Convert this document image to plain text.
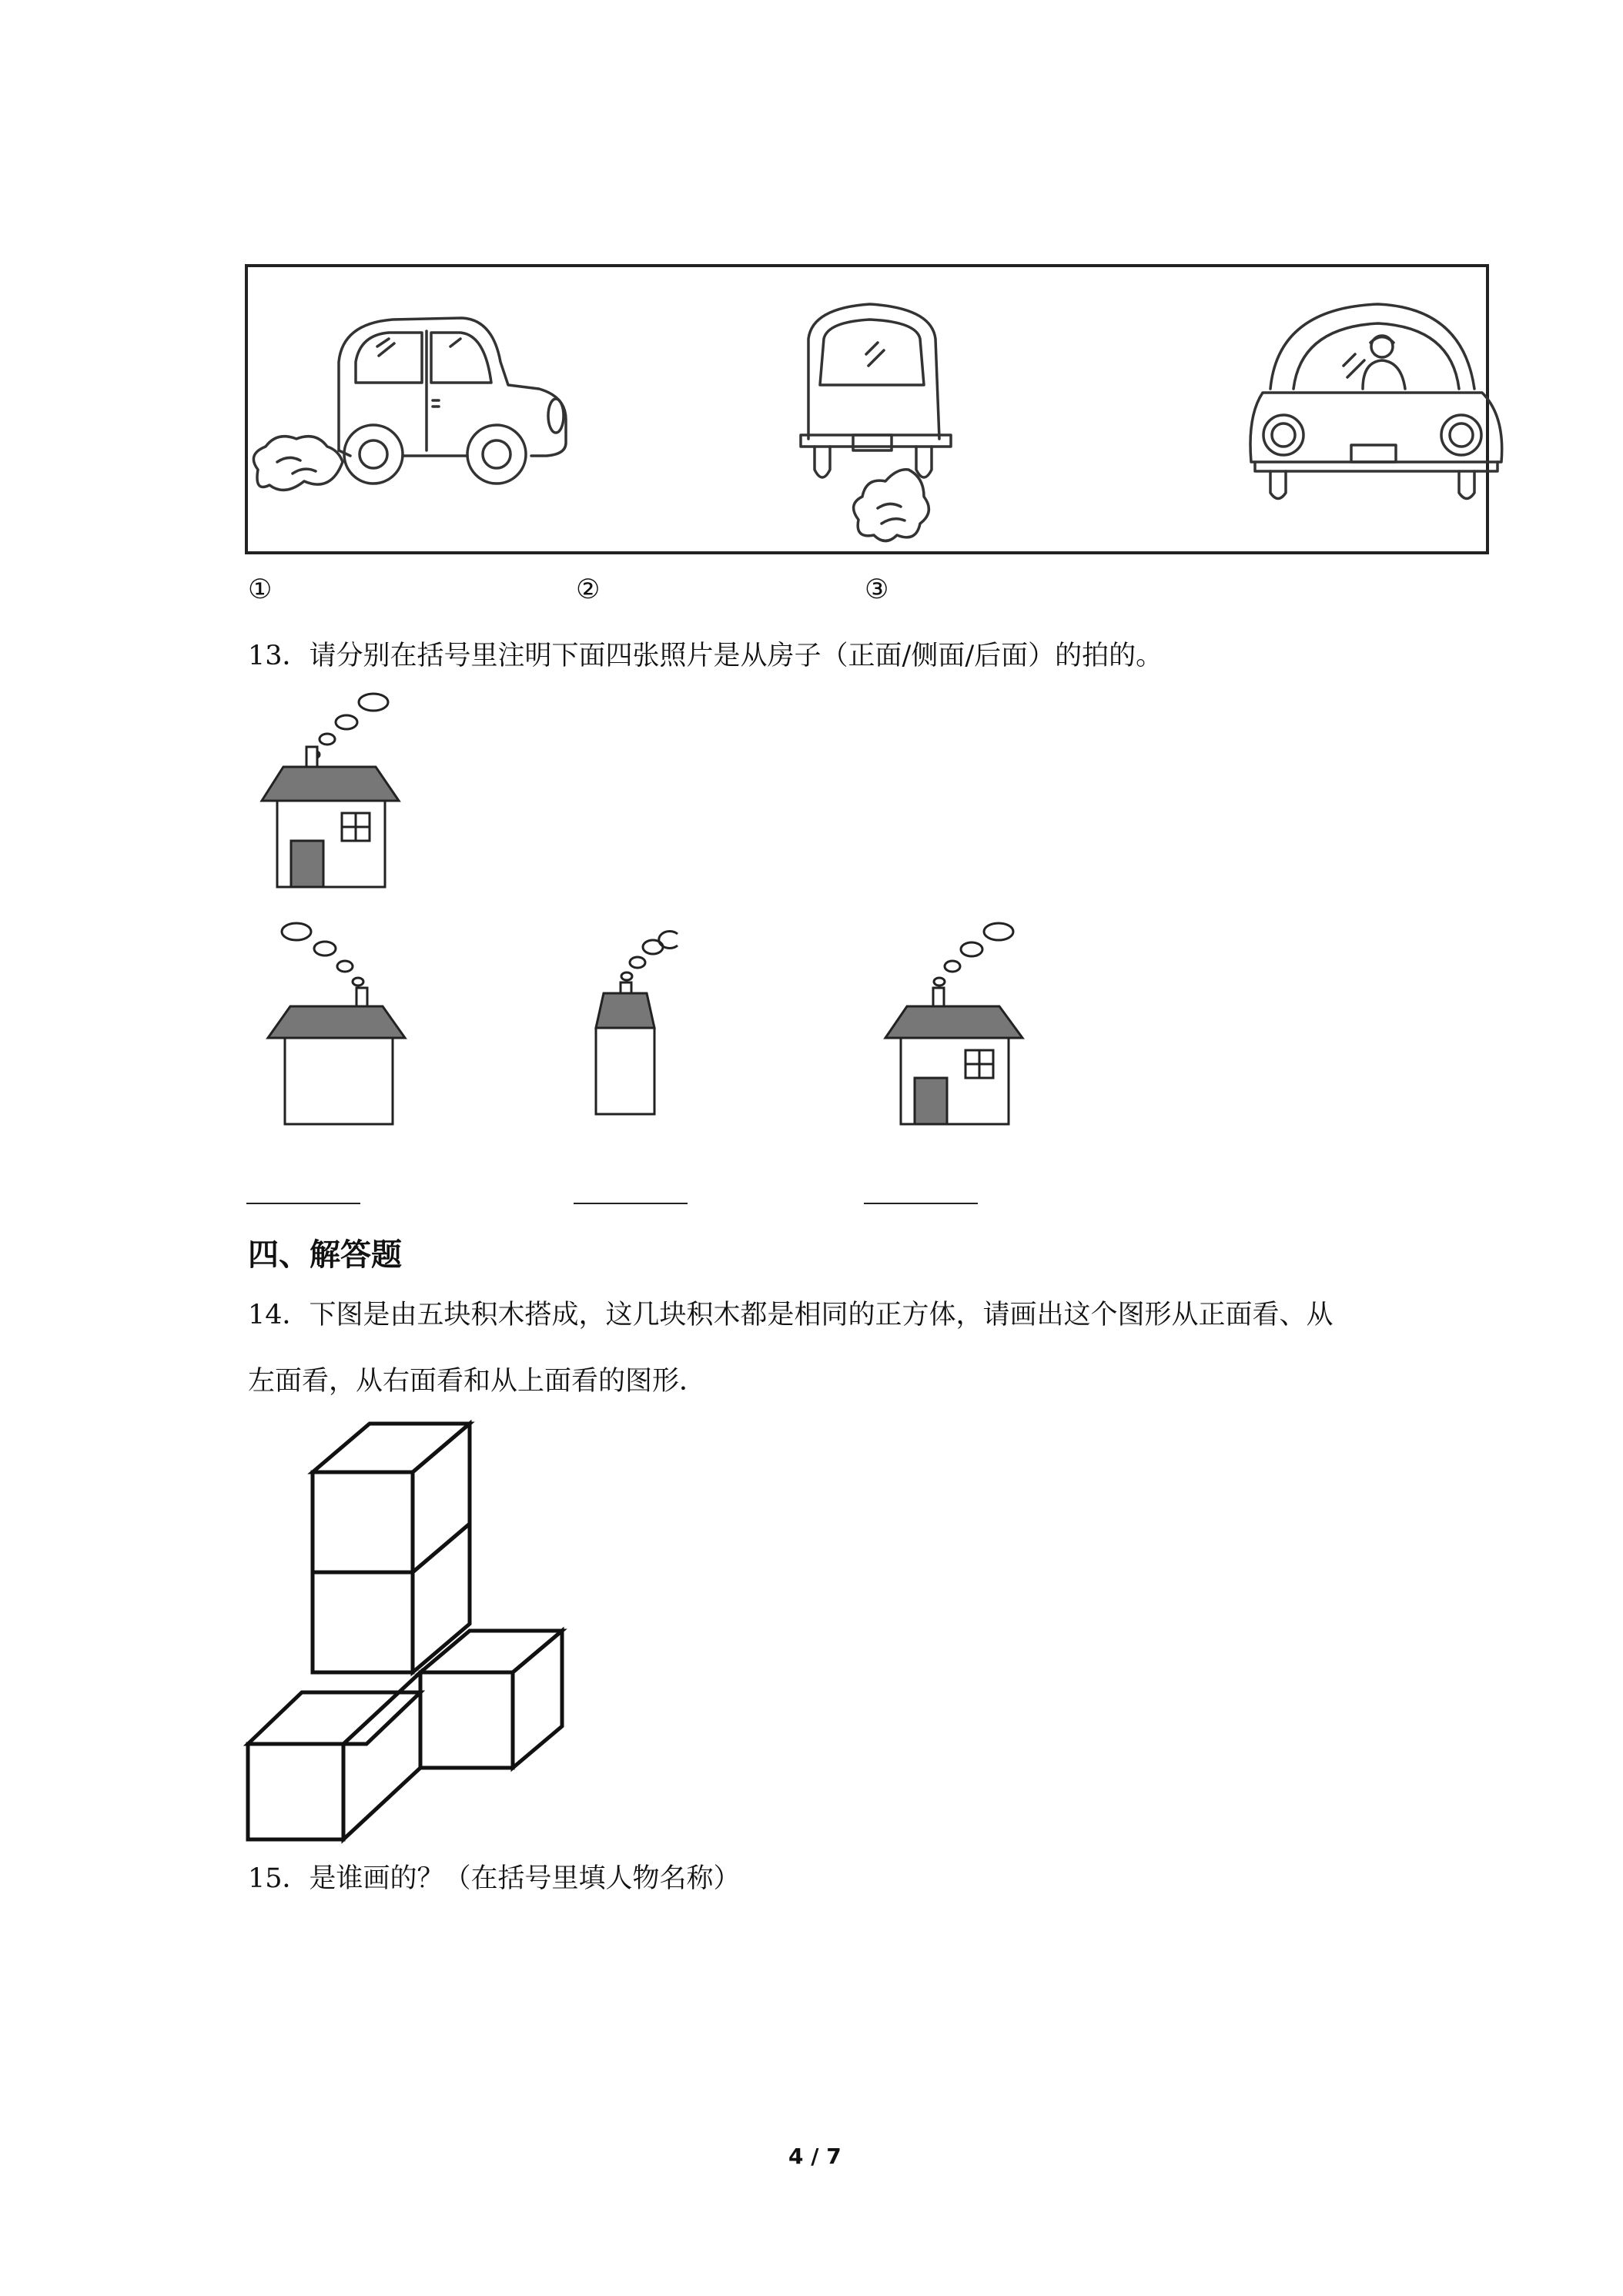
①	②	③
13．请分别在括号里注明下面四张照片是从房子（正面/侧面/后面）的拍的。
四、解答题
14．下图是由五块积木搭成，这几块积木都是相同的正方体，请画出这个图形从正面看、从
左面看，从右面看和从上面看的图形．
15．是谁画的？（在括号里填人物名称）
4 / 7
